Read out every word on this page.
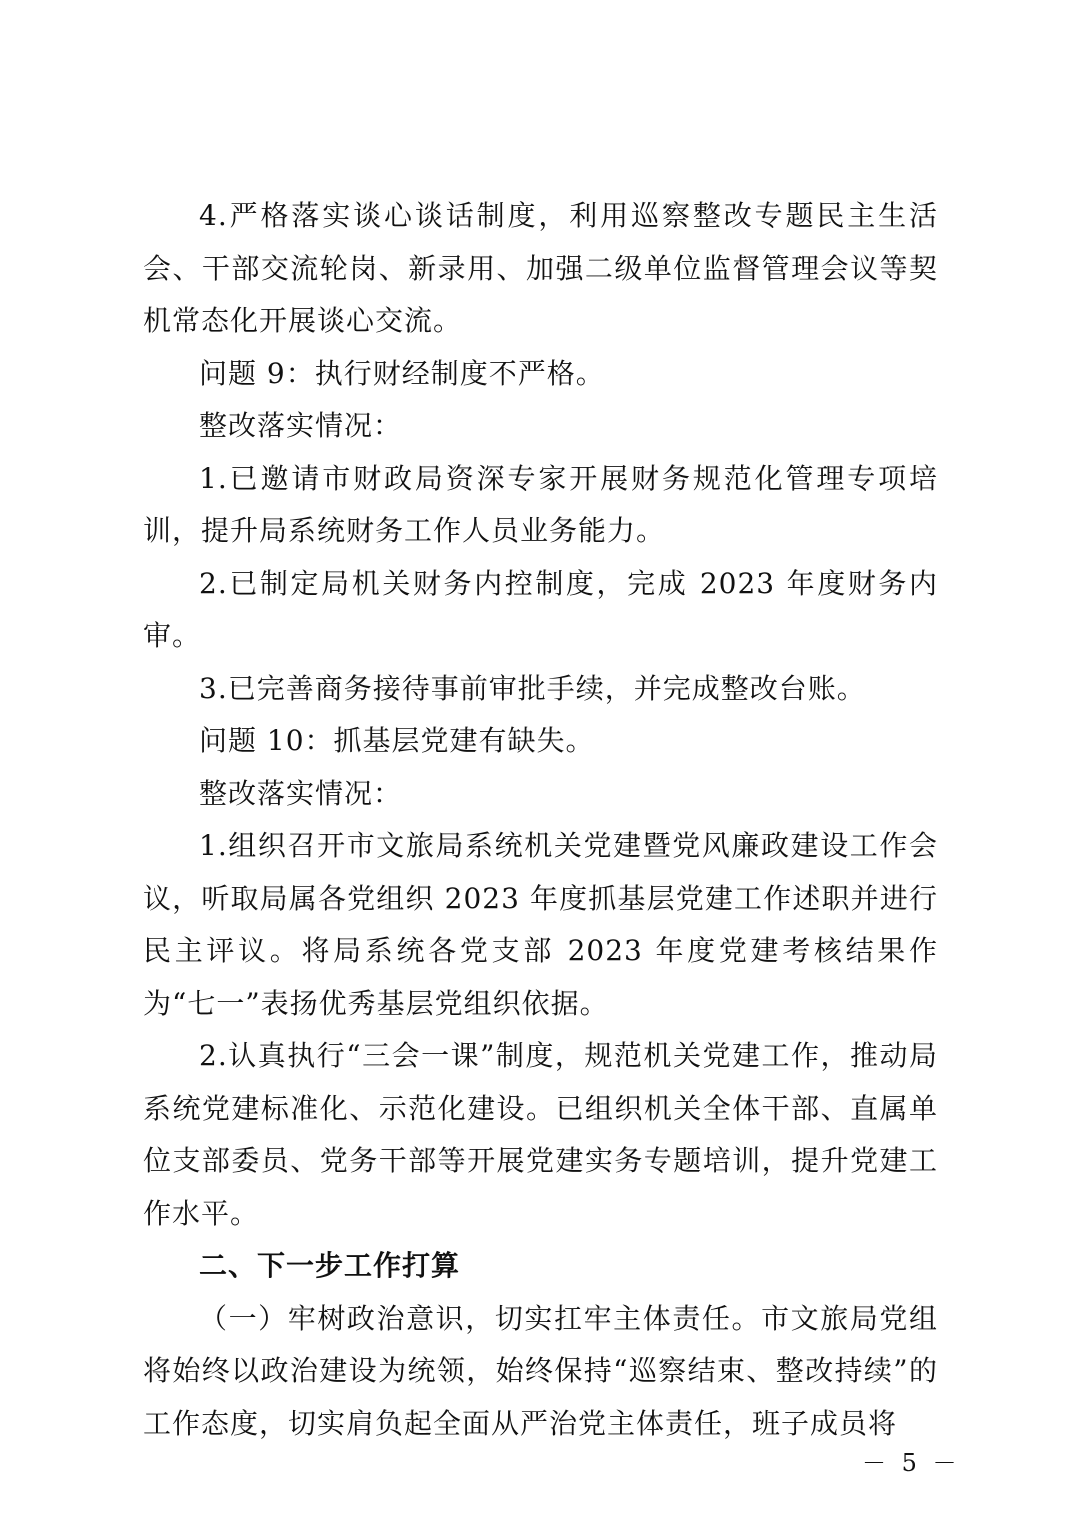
4.严格落实谈心谈话制度，利用巡察整改专题民主生活会、干部交流轮岗、新录用、加强二级单位监督管理会议等契机常态化开展谈心交流。

问题 9：执行财经制度不严格。

整改落实情况：

1.已邀请市财政局资深专家开展财务规范化管理专项培训，提升局系统财务工作人员业务能力。

2.已制定局机关财务内控制度，完成 2023 年度财务内审。

3.已完善商务接待事前审批手续，并完成整改台账。

问题 10：抓基层党建有缺失。

整改落实情况：

1.组织召开市文旅局系统机关党建暨党风廉政建设工作会议，听取局属各党组织 2023 年度抓基层党建工作述职并进行民主评议。将局系统各党支部 2023 年度党建考核结果作为“七一”表扬优秀基层党组织依据。

2.认真执行“三会一课”制度，规范机关党建工作，推动局系统党建标准化、示范化建设。已组织机关全体干部、直属单位支部委员、党务干部等开展党建实务专题培训，提升党建工作水平。

二、下一步工作打算

（一）牢树政治意识，切实扛牢主体责任。市文旅局党组将始终以政治建设为统领，始终保持“巡察结束、整改持续”的工作态度，切实肩负起全面从严治党主体责任，班子成员将

－ 5 －
